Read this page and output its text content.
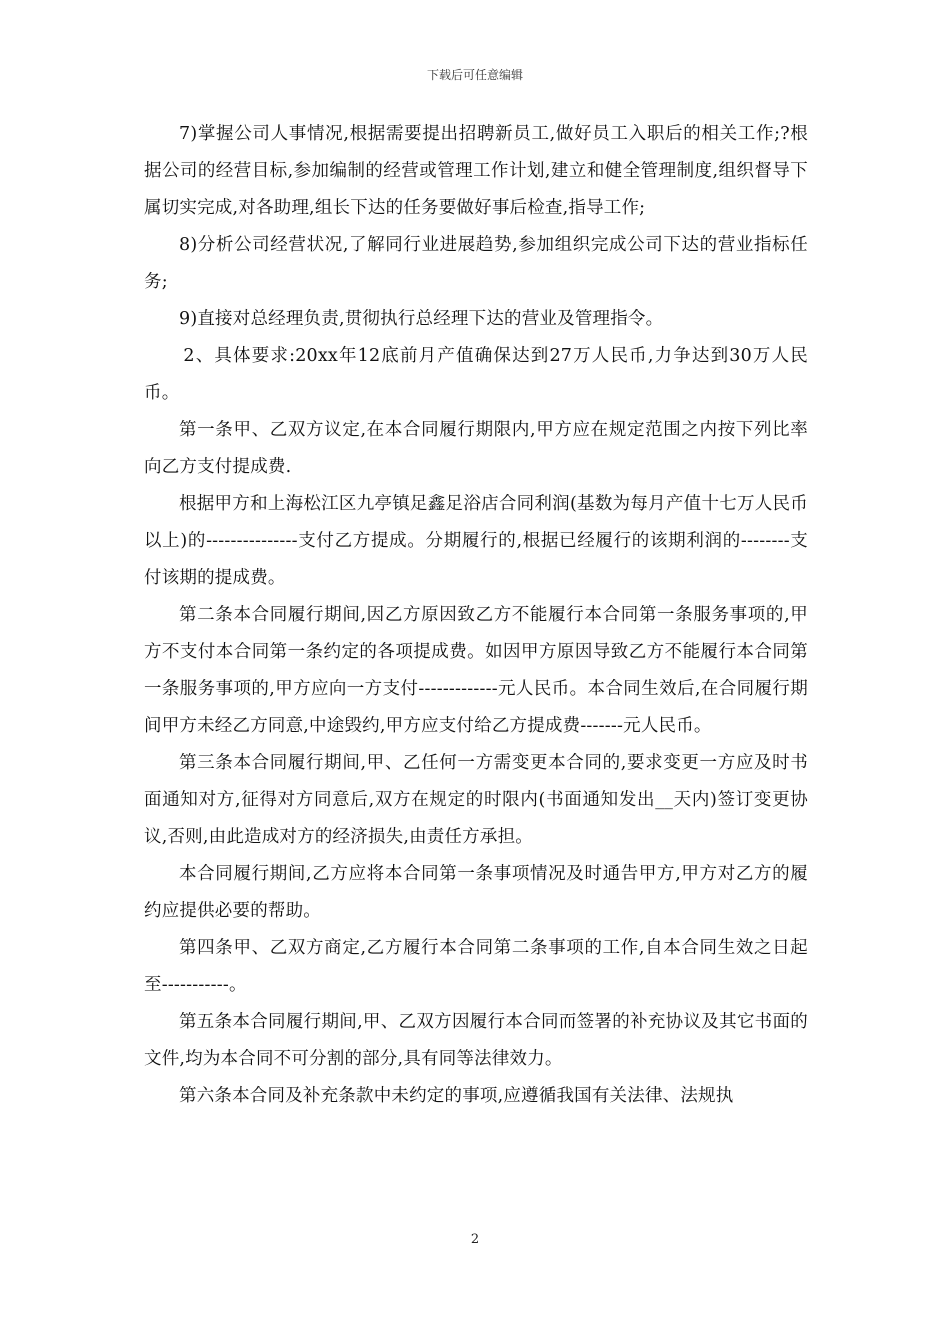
下载后可任意编辑

7)掌握公司人事情况,根据需要提出招聘新员工,做好员工入职后的相关工作;?根据公司的经营目标,参加编制的经营或管理工作计划,建立和健全管理制度,组织督导下属切实完成,对各助理,组长下达的任务要做好事后检查,指导工作;

8)分析公司经营状况,了解同行业进展趋势,参加组织完成公司下达的营业指标任务;

9)直接对总经理负责,贯彻执行总经理下达的营业及管理指令。

2、具体要求:20xx年12底前月产值确保达到27万人民币,力争达到30万人民币。

第一条甲、乙双方议定,在本合同履行期限内,甲方应在规定范围之内按下列比率向乙方支付提成费.

根据甲方和上海松江区九亭镇足鑫足浴店合同利润(基数为每月产值十七万人民币以上)的---------------支付乙方提成。分期履行的,根据已经履行的该期利润的--------支付该期的提成费。

第二条本合同履行期间,因乙方原因致乙方不能履行本合同第一条服务事项的,甲方不支付本合同第一条约定的各项提成费。如因甲方原因导致乙方不能履行本合同第一条服务事项的,甲方应向一方支付-------------元人民币。本合同生效后,在合同履行期间甲方未经乙方同意,中途毁约,甲方应支付给乙方提成费-------元人民币。

第三条本合同履行期间,甲、乙任何一方需变更本合同的,要求变更一方应及时书面通知对方,征得对方同意后,双方在规定的时限内(书面通知发出__天内)签订变更协议,否则,由此造成对方的经济损失,由责任方承担。

本合同履行期间,乙方应将本合同第一条事项情况及时通告甲方,甲方对乙方的履约应提供必要的帮助。

第四条甲、乙双方商定,乙方履行本合同第二条事项的工作,自本合同生效之日起至-----------。

第五条本合同履行期间,甲、乙双方因履行本合同而签署的补充协议及其它书面的文件,均为本合同不可分割的部分,具有同等法律效力。

第六条本合同及补充条款中未约定的事项,应遵循我国有关法律、法规执

2
